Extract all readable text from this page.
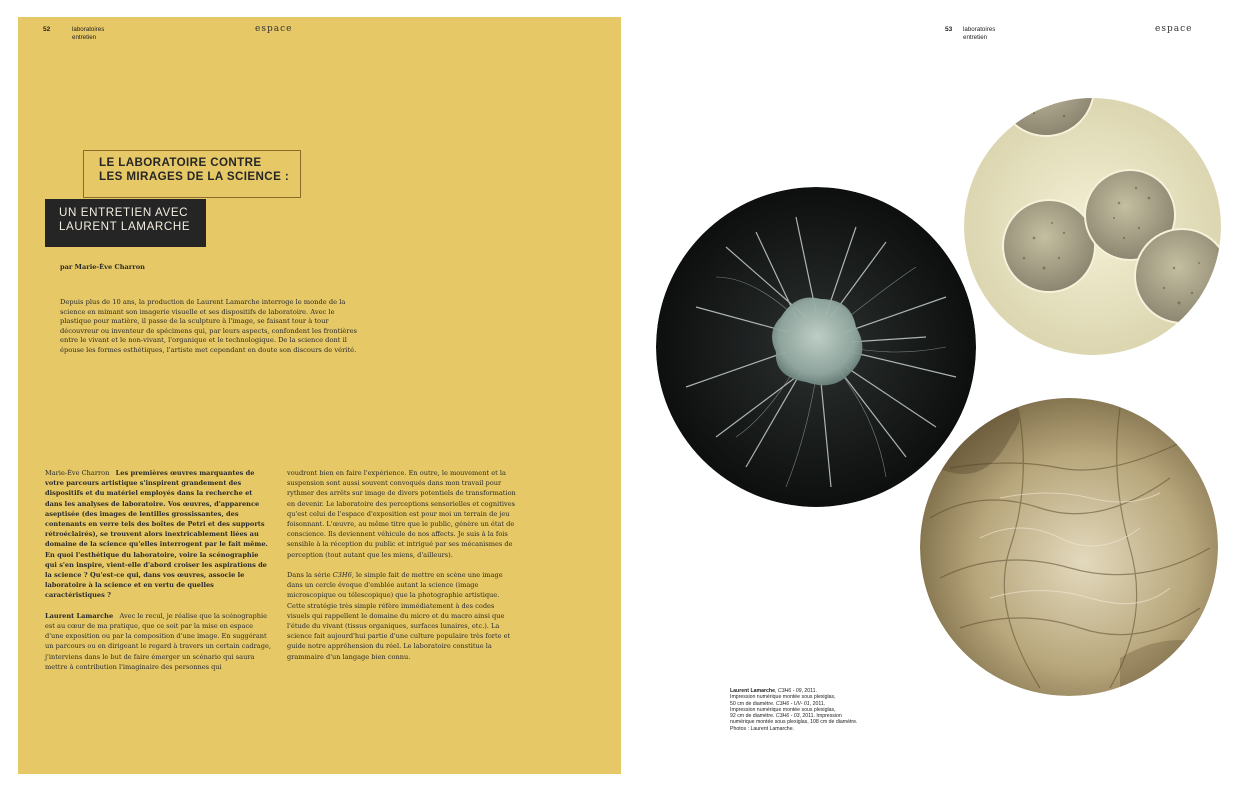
52	laboratoires
entretien
espace
LE LABORATOIRE CONTRE
LES MIRAGES DE LA SCIENCE :
UN ENTRETIEN AVEC
LAURENT LAMARCHE
par Marie-Ève Charron

Depuis plus de 10 ans, la production de Laurent Lamarche interroge le monde de la science en mimant son imagerie visuelle et ses dispositifs de laboratoire. Avec le plastique pour matière, il passe de la sculpture à l'image, se faisant tour à tour découvreur ou inventeur de spécimens qui, par leurs aspects, confondent les frontières entre le vivant et le non-vivant, l'organique et le technologique. De la science dont il épouse les formes esthétiques, l'artiste met cependant en doute son discours de vérité.

Marie-Ève Charron Les premières œuvres marquantes de votre parcours artistique s'inspirent grandement des dispositifs et du matériel employés dans la recherche et dans les analyses de laboratoire. Vos œuvres, d'apparence aseptisée (des images de lentilles grossissantes, des contenants en verre tels des boîtes de Petri et des supports rétroéclairés), se trouvent alors inextricablement liées au domaine de la science qu'elles interrogent par le fait même. En quoi l'esthétique du laboratoire, voire la scénographie qui s'en inspire, vient-elle d'abord croiser les aspirations de la science ? Qu'est-ce qui, dans vos œuvres, associe le laboratoire à la science et en vertu de quelles caractéristiques ?

Laurent Lamarche Avec le recul, je réalise que la scénographie est au cœur de ma pratique, que ce soit par la mise en espace d'une exposition ou par la composition d'une image. En suggérant un parcours ou en dirigeant le regard à travers un certain cadrage, j'interviens dans le but de faire émerger un scénario qui saura mettre à contribution l'imaginaire des personnes qui

voudront bien en faire l'expérience. En outre, le mouvement et la suspension sont aussi souvent convoqués dans mon travail pour rythmer des arrêts sur image de divers potentiels de transformation en devenir. Le laboratoire des perceptions sensorielles et cognitives qu'est celui de l'espace d'exposition est pour moi un terrain de jeu foisonnant. L'œuvre, au même titre que le public, génère un état de conscience. Ils deviennent véhicule de nos affects. Je suis à la fois sensible à la réception du public et intrigué par ses mécanismes de perception (tout autant que les miens, d'ailleurs).

Dans la série C3H6, le simple fait de mettre en scène une image dans un cercle évoque d'emblée autant la science (image microscopique ou télescopique) que la photographie artistique. Cette stratégie très simple réfère immédiatement à des codes visuels qui rappellent le domaine du micro et du macro ainsi que l'étude du vivant (tissus organiques, surfaces lunaires, etc.). La science fait aujourd'hui partie d'une culture populaire très forte et guide notre appréhension du réel. Le laboratoire constitue la grammaire d'un langage bien connu.

53 laboratoires
entretien
espace

Laurent Lamarche, C3H6 - 09, 2011.

Impression numérique montée sous plexiglas,

50 cm de diamètre. C3H6 - UV- 01, 2011.

Impression numérique montée sous plexiglas,

92 cm de diamètre. C3H6 - 03, 2011. Impression

numérique montée sous plexiglas, 108 cm de diamètre.

Photos : Laurent Lamarche.
